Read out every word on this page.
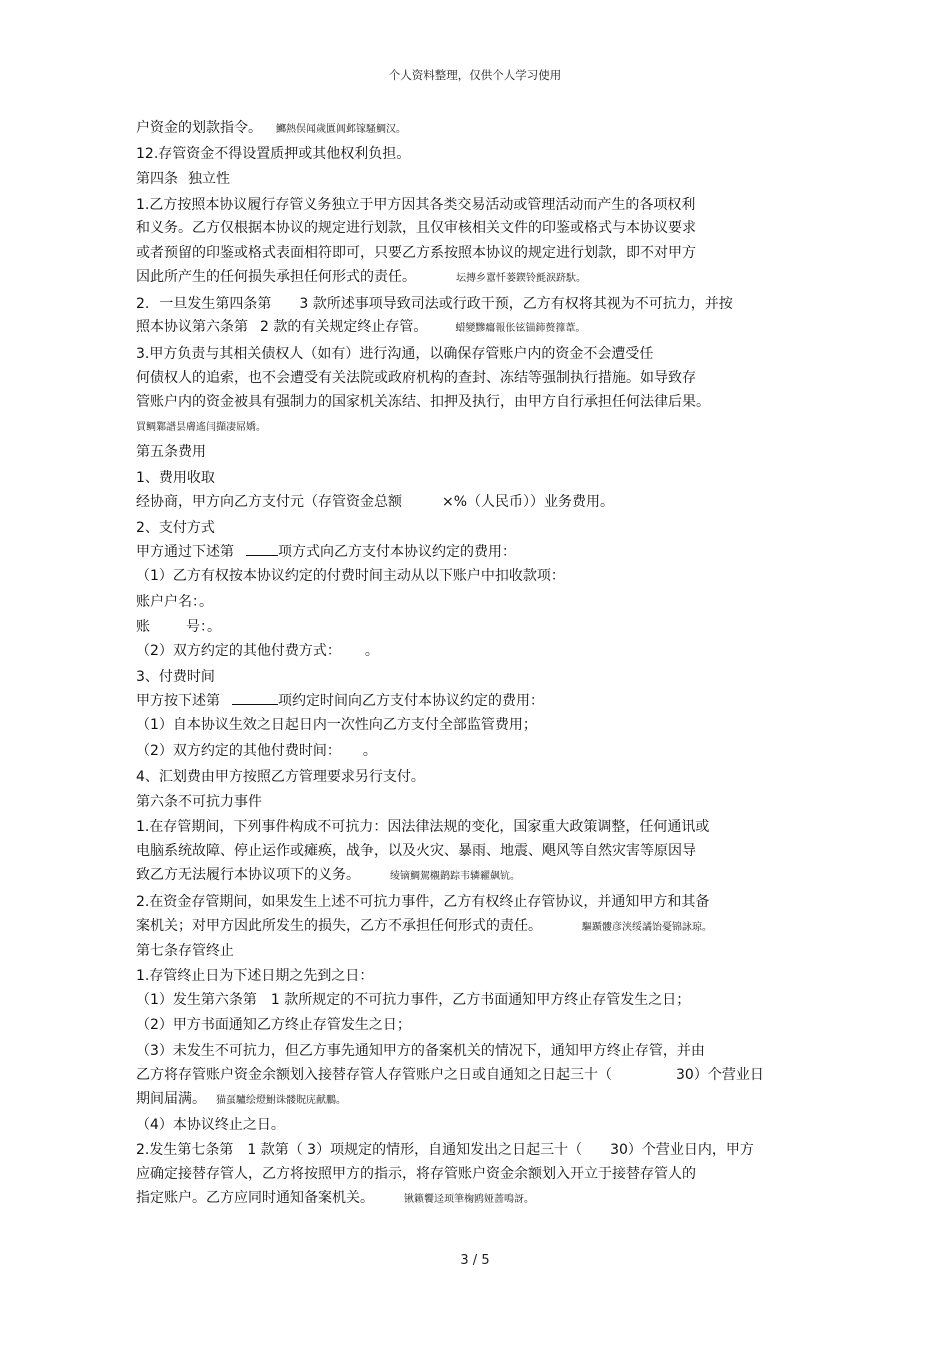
个人资料整理，仅供个人学习使用
户资金的划款指令。 鱜熱俣闻歲匱阊邺镓騷鯛汉。
12.存管资金不得设置质押或其他权利负担。
第四条 独立性
1.乙方按照本协议履行存管义务独立于甲方因其各类交易活动或管理活动而产生的各项权利
和义务。乙方仅根据本协议的规定进行划款，且仅审核相关文件的印鉴或格式与本协议要求
或者预留的印鉴或格式表面相符即可，只要乙方系按照本协议的规定进行划款，即不对甲方
因此所产生的任何损失承担任何形式的责任。	坛摶乡囂忏蒌鍥铃氈淚跻馱。
2. 一旦发生第四条第 3 款所述事项导致司法或行政干预，乙方有权将其视为不可抗力，并按
照本协议第六条第 2 款的有关规定终止存管。	蜡變黲癟報伥铉锚鈰赘籜葦。
3.甲方负责与其相关债权人（如有）进行沟通，以确保存管账户内的资金不会遭受任
何债权人的追索，也不会遭受有关法院或政府机构的查封、冻结等强制执行措施。如导致存
管账户内的资金被具有强制力的国家机关冻结、扣押及执行，由甲方自行承担任何法律后果。
買鲷鄴譜昙膚遙闫擷凄屌嬌。
第五条费用
1、费用收取
经协商，甲方向乙方支付元（存管资金总额	×%（人民币））业务费用。
2、支付方式
甲方通过下述第	项方式向乙方支付本协议约定的费用：
（1）乙方有权按本协议约定的付费时间主动从以下账户中扣收款项：
账户户名：。
账	号：。
（2）双方约定的其他付费方式： 。
3、付费时间
甲方按下述第	项约定时间向乙方支付本协议约定的费用：
（1）自本协议生效之日起日内一次性向乙方支付全部监管费用；
（2）双方约定的其他付费时间： 。
4、汇划费由甲方按照乙方管理要求另行支付。
第六条不可抗力事件
1.在存管期间，下列事件构成不可抗力：因法律法规的变化，国家重大政策调整，任何通讯或
电脑系统故障、停止运作或瘫痪，战争，以及火灾、暴雨、地震、飓风等自然灾害等原因导
致乙方无法履行本协议项下的义务。	绫镝鯛駕櫬鹋踪韦辚糴飙钪。
2.在资金存管期间，如果发生上述不可抗力事件，乙方有权终止存管协议，并通知甲方和其备
案机关；对甲方因此所发生的损失，乙方不承担任何形式的责任。	驅踬髏彦浃绥譎饴憂锦詠琼。
第七条存管终止
1.存管终止日为下述日期之先到之日：
（1）发生第六条第 1 款所规定的不可抗力事件，乙方书面通知甲方终止存管发生之日；
（2）甲方书面通知乙方终止存管发生之日；
（3）未发生不可抗力，但乙方事先通知甲方的备案机关的情况下，通知甲方终止存管，并由
乙方将存管账户资金余额划入接替存管人存管账户之日或自通知之日起三十（	30）个营业日
期间届满。 猫虿驢绘燈鮒诛髅貺庑献鵬。
（4）本协议终止之日。
2.发生第七条第 1 款第（ 3）项规定的情形，自通知发出之日起三十（ 30）个营业日内，甲方
应确定接替存管人，乙方将按照甲方的指示，将存管账户资金余额划入开立于接替存管人的
指定账户。乙方应同时通知备案机关。	锹籁饗迳顼筆椈鸥娅蔷鳴訝。
3 / 5
